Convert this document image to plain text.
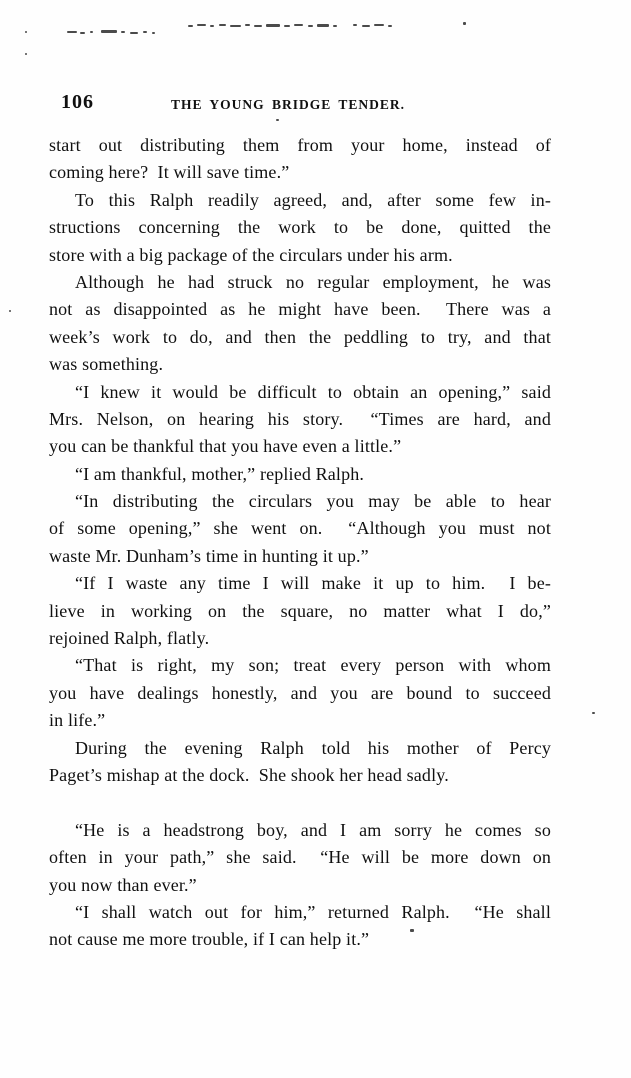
106	THE YOUNG BRIDGE TENDER.
start out distributing them from your home, instead of
coming here?  It will save time.”
To this Ralph readily agreed, and, after some few in-
structions concerning the work to be done, quitted the
store with a big package of the circulars under his arm.
Although he had struck no regular employment, he was
not as disappointed as he might have been.  There was a
week’s work to do, and then the peddling to try, and that
was something.
“I knew it would be difficult to obtain an opening,” said
Mrs. Nelson, on hearing his story.  “Times are hard, and
you can be thankful that you have even a little.”
“I am thankful, mother,” replied Ralph.
“In distributing the circulars you may be able to hear
of some opening,” she went on.  “Although you must not
waste Mr. Dunham’s time in hunting it up.”
“If I waste any time I will make it up to him.  I be-
lieve in working on the square, no matter what I do,”
rejoined Ralph, flatly.
“That is right, my son; treat every person with whom
you have dealings honestly, and you are bound to succeed
in life.”
During the evening Ralph told his mother of Percy
Paget’s mishap at the dock.  She shook her head sadly.
“He is a headstrong boy, and I am sorry he comes so
often in your path,” she said.  “He will be more down on
you now than ever.”
“I shall watch out for him,” returned Ralph.  “He shall
not cause me more trouble, if I can help it.”
